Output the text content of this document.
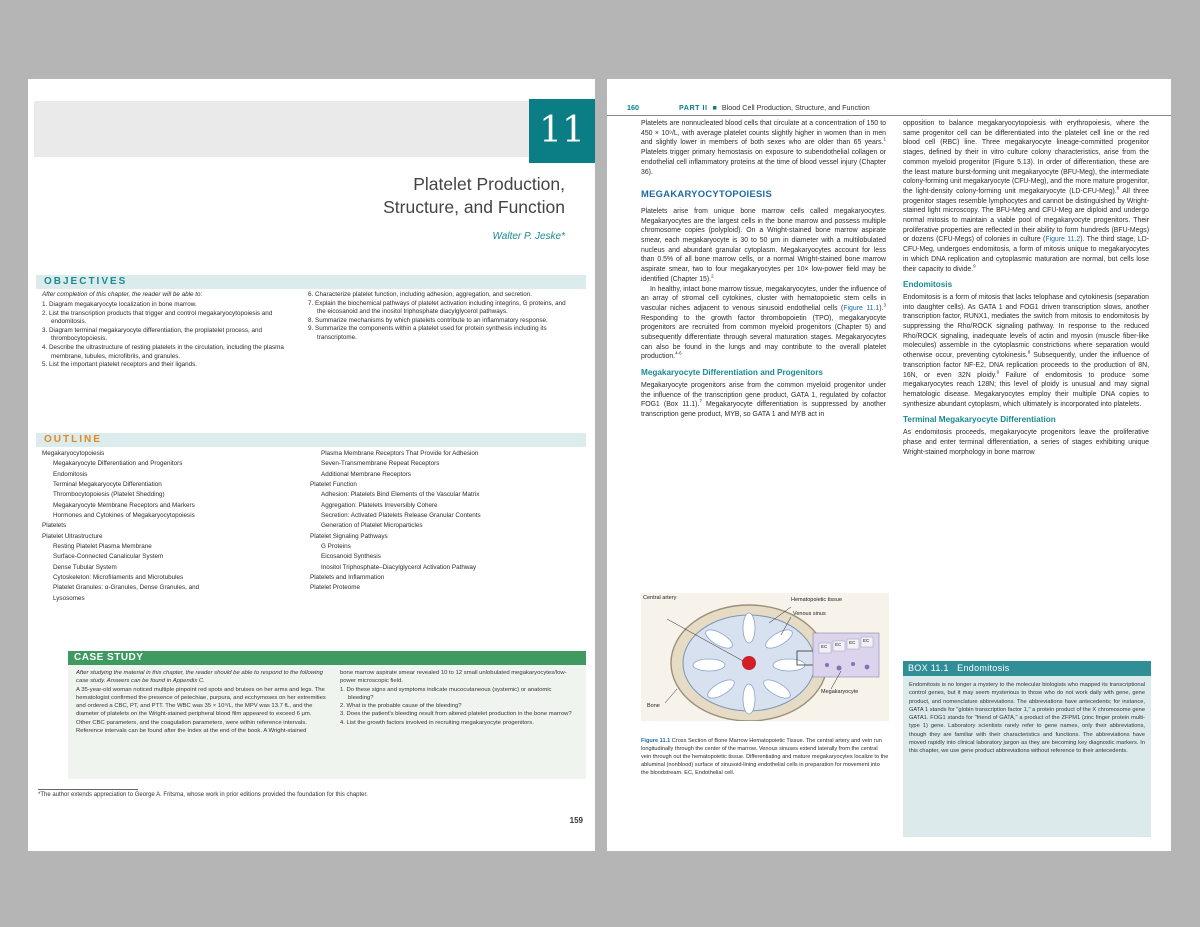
11
Platelet Production,
Structure, and Function
Walter P. Jeske*
OBJECTIVES
After completion of this chapter, the reader will be able to:
1. Diagram megakaryocyte localization in bone marrow.
2. List the transcription products that trigger and control megakaryocytopoiesis and endomitosis.
3. Diagram terminal megakaryocyte differentiation, the proplatelet process, and thrombocytopoiesis.
4. Describe the ultrastructure of resting platelets in the circulation, including the plasma membrane, tubules, microfibrils, and granules.
5. List the important platelet receptors and their ligands.
6. Characterize platelet function, including adhesion, aggregation, and secretion.
7. Explain the biochemical pathways of platelet activation including integrins, G proteins, and the eicosanoid and the inositol triphosphate diacylglycerol pathways.
8. Summarize mechanisms by which platelets contribute to an inflammatory response.
9. Summarize the components within a platelet used for protein synthesis including its transcriptome.
OUTLINE
Megakaryocytopoiesis
Megakaryocyte Differentiation and Progenitors
Endomitosis
Terminal Megakaryocyte Differentiation
Thrombocytopoiesis (Platelet Shedding)
Megakaryocyte Membrane Receptors and Markers
Hormones and Cytokines of Megakaryocytopoiesis
Platelets
Platelet Ultrastructure
Resting Platelet Plasma Membrane
Surface-Connected Canalicular System
Dense Tubular System
Cytoskeleton: Microfilaments and Microtubules
Platelet Granules: α-Granules, Dense Granules, and
Lysosomes
Plasma Membrane Receptors That Provide for Adhesion
Seven-Transmembrane Repeat Receptors
Additional Membrane Receptors
Platelet Function
Adhesion: Platelets Bind Elements of the Vascular Matrix
Aggregation: Platelets Irreversibly Cohere
Secretion: Activated Platelets Release Granular Contents
Generation of Platelet Microparticles
Platelet Signaling Pathways
G Proteins
Eicosanoid Synthesis
Inositol Triphosphate–Diacylglycerol Activation Pathway
Platelets and Inflammation
Platelet Proteome
CASE STUDY

After studying the material in this chapter, the reader should be able to respond to the following case study. Answers can be found in Appendix C.

A 35-year-old woman noticed multiple pinpoint red spots and bruises on her arms and legs. The hematologist confirmed the presence of petechiae, purpura, and ecchymoses on her extremities and ordered a CBC, PT, and PTT. The WBC was 35 × 10⁹/L, the MPV was 13.7 fL, and the diameter of platelets on the Wright-stained peripheral blood film appeared to exceed 6 μm. Other CBC parameters, and the coagulation parameters, were within reference intervals. Reference intervals can be found after the Index at the end of the book. A Wright-stained

bone marrow aspirate smear revealed 10 to 12 small unlobulated megakaryocytes/low-power microscopic field.

1. Do these signs and symptoms indicate mucocutaneous (systemic) or anatomic bleeding?
2. What is the probable cause of the bleeding?
3. Does the patient's bleeding result from altered platelet production in the bone marrow?
4. List the growth factors involved in recruiting megakaryocyte progenitors.
*The author extends appreciation to George A. Fritsma, whose work in prior editions provided the foundation for this chapter.
159
160	PART II ■ Blood Cell Production, Structure, and Function

Platelets are nonnucleated blood cells that circulate at a concentration of 150 to 450 × 10⁹/L, with average platelet counts slightly higher in women than in men and slightly lower in members of both sexes who are older than 65 years.$^1$ Platelets trigger primary hemostasis on exposure to subendothelial collagen or endothelial cell inflammatory proteins at the time of blood vessel injury (Chapter 36).

MEGAKARYOCYTOPOIESIS

Platelets arise from unique bone marrow cells called megakaryocytes. Megakaryocytes are the largest cells in the bone marrow and possess multiple chromosome copies (polyploid). On a Wright-stained bone marrow aspirate smear, each megakaryocyte is 30 to 50 μm in diameter with a multilobulated nucleus and abundant granular cytoplasm. Megakaryocytes account for less than 0.5% of all bone marrow cells, or a normal Wright-stained bone marrow aspirate smear, two to four megakaryocytes per 10× low-power field may be identified (Chapter 15).$^2$

In healthy, intact bone marrow tissue, megakaryocytes, under the influence of an array of stromal cell cytokines, cluster with hematopoietic stem cells in vascular niches adjacent to venous sinusoid endothelial cells (Figure 11.1).$^3$ Responding to the growth factor thrombopoietin (TPO), megakaryocyte progenitors are recruited from common myeloid progenitors (Chapter 5) and subsequently differentiate through several maturation stages. Megakaryocytes can also be found in the lungs and may contribute to the overall platelet production.$^{4-6}$

Megakaryocyte Differentiation and Progenitors

Megakaryocyte progenitors arise from the common myeloid progenitor under the influence of the transcription gene product, GATA 1, regulated by cofactor FOG1 (Box 11.1).$^7$ Megakaryocyte differentiation is suppressed by another transcription gene product, MYB, so GATA 1 and MYB act in

Central artery	Hematopoietic tissue
Venous sinus
EC EC EC EC
Megakaryocyte
Bone
Figure 11.1 Cross Section of Bone Marrow Hematopoietic Tissue. The central artery and vein run longitudinally through the center of the marrow. Venous sinuses extend laterally from the central vein through out the hematopoietic tissue. Differentiating and mature megakaryocytes localize to the abluminal (nonblood) surface of sinusoid-lining endothelial cells in preparation for movement into the bloodstream. EC, Endothelial cell.

opposition to balance megakaryocytopoiesis with erythropoiesis, where the same progenitor cell can be differentiated into the platelet cell line or the red blood cell (RBC) line. Three megakaryocyte lineage-committed progenitor stages, defined by their in vitro culture colony characteristics, arise from the common myeloid progenitor (Figure 5.13). In order of differentiation, these are the least mature burst-forming unit megakaryocyte (BFU-Meg), the intermediate colony-forming unit megakaryocyte (CFU-Meg), and the more mature progenitor, the light-density colony-forming unit megakaryocyte (LD-CFU-Meg).$^8$ All three progenitor stages resemble lymphocytes and cannot be distinguished by Wright-stained light microscopy. The BFU-Meg and CFU-Meg are diploid and undergo normal mitosis to maintain a viable pool of megakaryocyte progenitors. Their proliferative properties are reflected in their ability to form hundreds (BFU-Megs) or dozens (CFU-Megs) of colonies in culture (Figure 11.2). The third stage, LD-CFU-Meg, undergoes endomitosis, a form of mitosis unique to megakaryocytes in which DNA replication and cytoplasmic maturation are normal, but cells lose their capacity to divide.$^9$

Endomitosis

Endomitosis is a form of mitosis that lacks telophase and cytokinesis (separation into daughter cells). As GATA 1 and FOG1 driven transcription slows, another transcription factor, RUNX1, mediates the switch from mitosis to endomitosis by suppressing the Rho/ROCK signaling pathway. In response to the reduced Rho/ROCK signaling, inadequate levels of actin and myosin (muscle fiber-like molecules) assemble in the cytoplasmic constrictions where separation would otherwise occur, preventing cytokinesis.$^8$ Subsequently, under the influence of transcription factor NF-E2, DNA replication proceeds to the production of 8N, 16N, or even 32N ploidy.$^9$ Failure of endomitosis to produce some megakaryocytes reach 128N; this level of ploidy is unusual and may signal hematologic disease. Megakaryocytes employ their multiple DNA copies to synthesize abundant cytoplasm, which ultimately is incorporated into platelets.

Terminal Megakaryocyte Differentiation

As endomitosis proceeds, megakaryocyte progenitors leave the proliferative phase and enter terminal differentiation, a series of stages exhibiting unique Wright-stained morphology in bone marrow

BOX 11.1 Endomitosis
Endomitosis is no longer a mystery to the molecular biologists who mapped its transcriptional control genes, but it may seem mysterious to those who do not work daily with gene, gene product, and nomenclature abbreviations. The abbreviations have antecedents; for instance, GATA 1 stands for "globin transcription factor 1," a protein product of the X chromosome gene GATA1. FOG1 stands for "friend of GATA," a product of the ZFPM1 (zinc finger protein multi-type 1) gene. Laboratory scientists rarely refer to gene names, only their abbreviations, though they are familiar with their characteristics and functions. The abbreviations have moved rapidly into clinical laboratory jargon as they are becoming key diagnostic markers. In this chapter, we use gene product abbreviations without reference to their antecedents.
